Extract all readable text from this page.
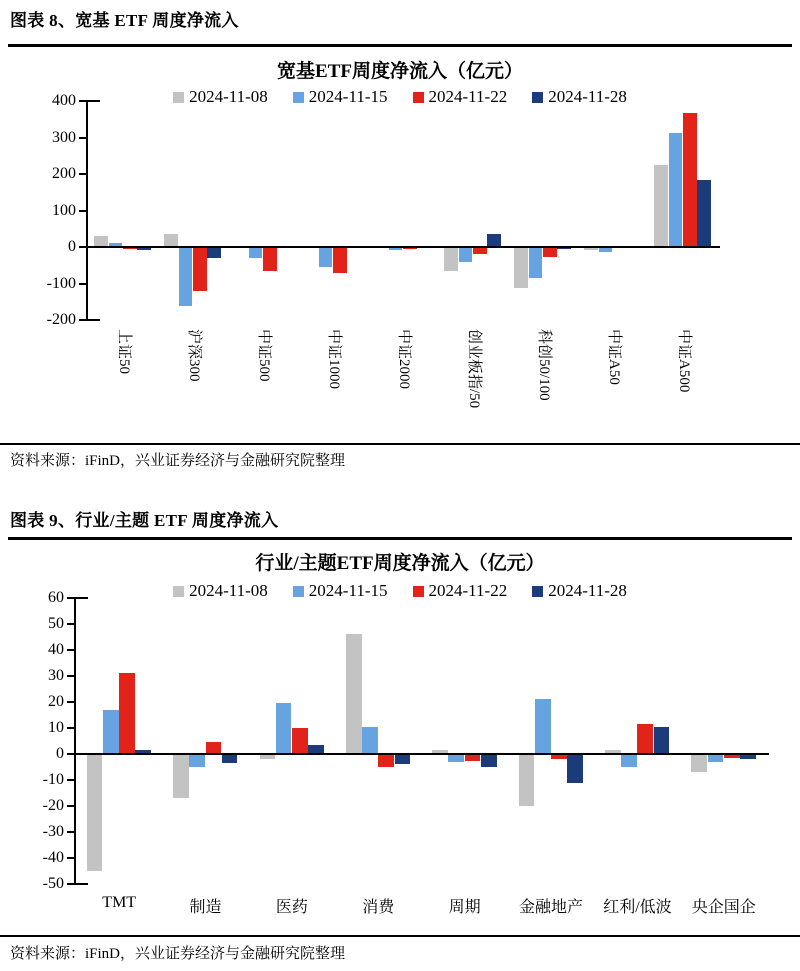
图表 8、宽基 ETF 周度净流入
宽基ETF周度净流入（亿元）
2024-11-08 2024-11-15 2024-11-22 2024-11-28
-200
-100
0
100
200
300
400
上证50	沪深300	中证500	中证1000	中证2000	创业板指/50	科创50/100	中证A50	中证A500
资料来源：iFinD，兴业证券经济与金融研究院整理
图表 9、行业/主题 ETF 周度净流入
行业/主题ETF周度净流入（亿元）
2024-11-08 2024-11-15 2024-11-22 2024-11-28
-50
-40
-30
-20
-10
0
10
20
30
40
50
60
TMT	制造	医药	消费	周期	金融地产	红利/低波	央企国企
资料来源：iFinD，兴业证券经济与金融研究院整理
